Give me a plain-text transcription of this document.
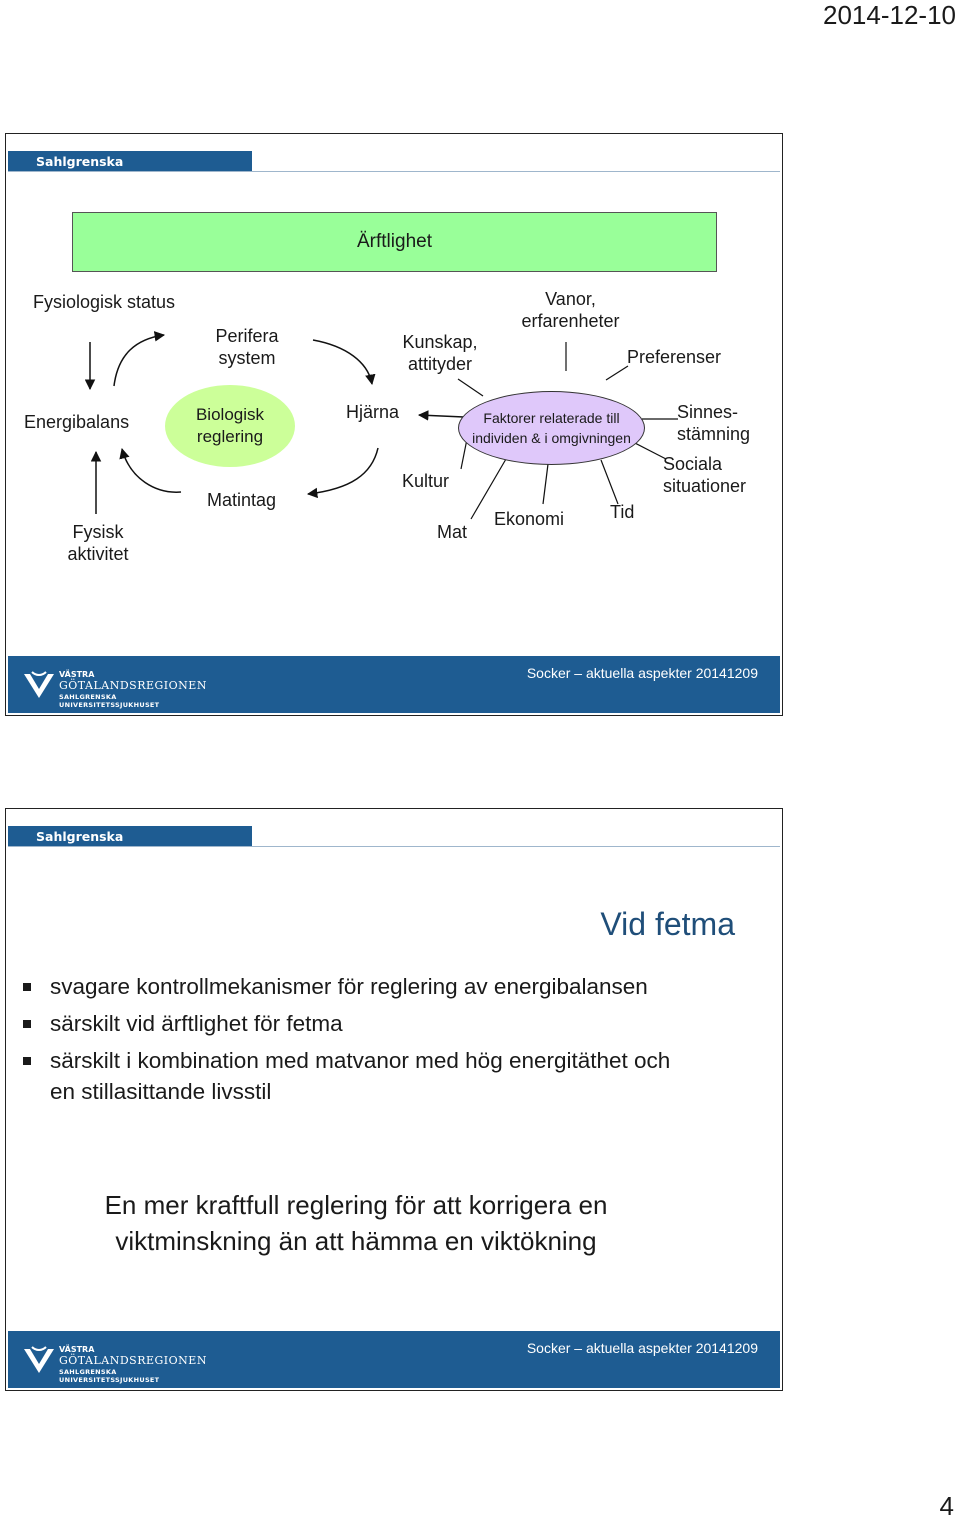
2014-12-10
Sahlgrenska Universitetssjukhuset
Ärftlighet
Fysiologisk status
Energibalans
Fysisk aktivitet
Perifera system
Biologisk reglering
Matintag
Hjärna
Kunskap, attityder
Vanor, erfarenheter
Preferenser
Faktorer relaterade till individen & i omgivningen
Sinnes- stämning
Sociala situationer
Kultur
Mat
Ekonomi	Tid
VÄSTRA
GÖTALANDSREGIONEN
SAHLGRENSKA UNIVERSITETSSJUKHUSET
Socker – aktuella aspekter 20141209
Sahlgrenska Universitetssjukhuset
Vid fetma
svagare kontrollmekanismer för reglering av energibalansen
särskilt vid ärftlighet för fetma
särskilt i kombination med matvanor med hög energitäthet och en stillasittande livsstil
En mer kraftfull reglering för att korrigera en viktminskning än att hämma en viktökning
VÄSTRA
GÖTALANDSREGIONEN
SAHLGRENSKA UNIVERSITETSSJUKHUSET
Socker – aktuella aspekter 20141209
4
